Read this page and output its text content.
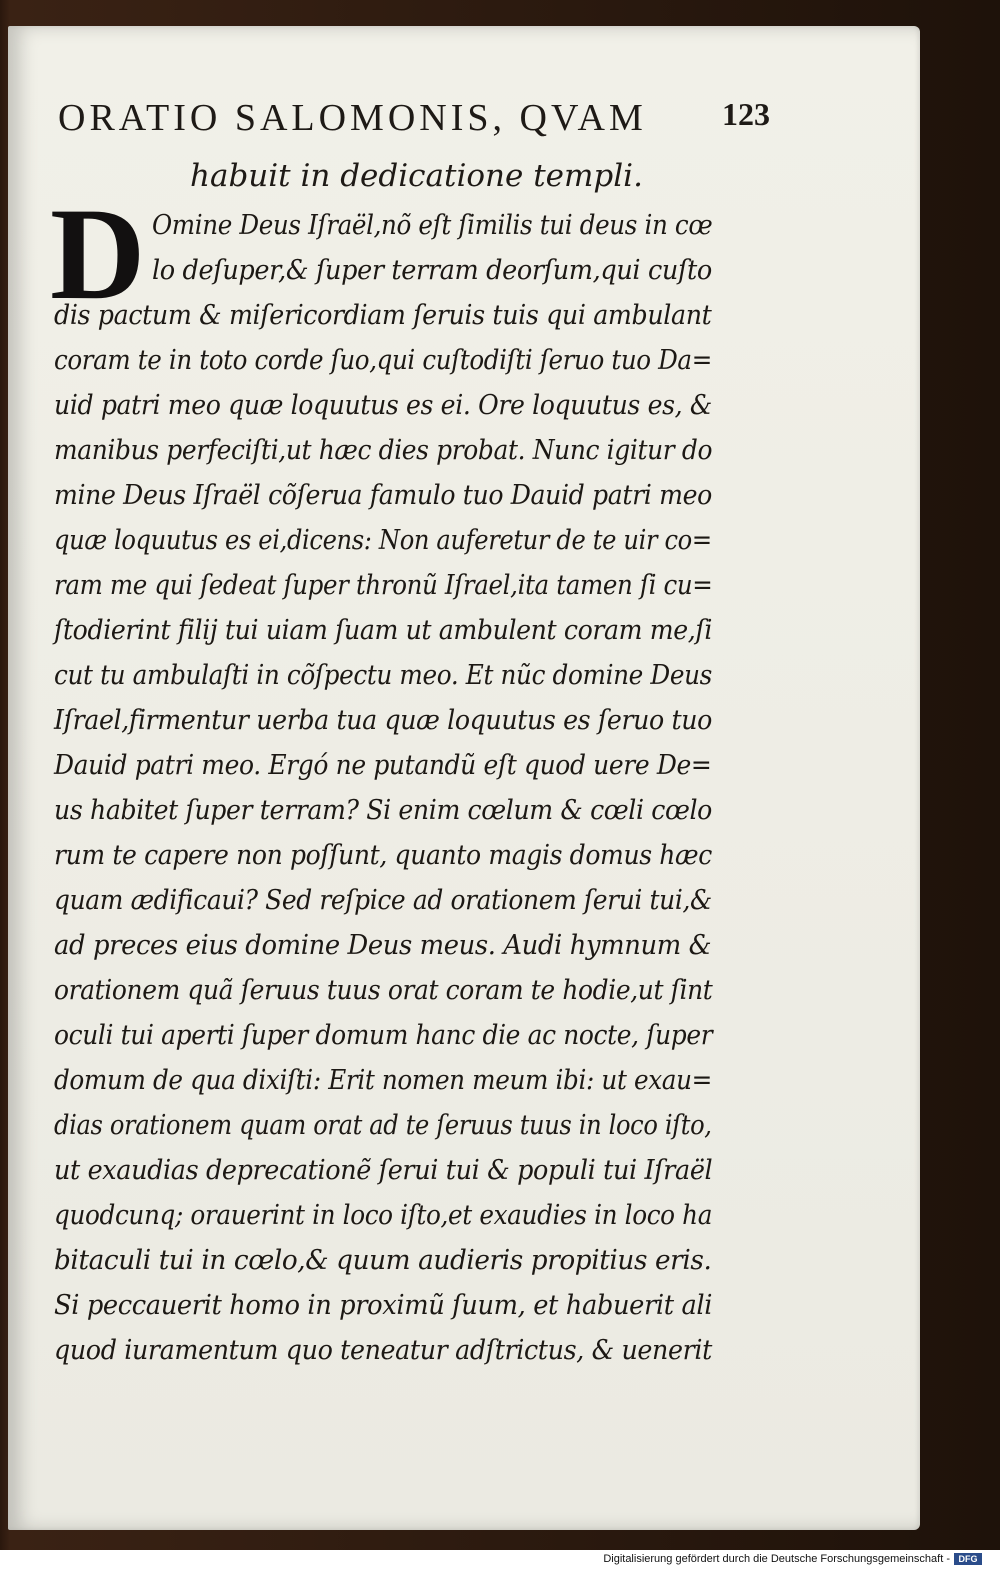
ORATIO SALOMONIS, QVAM	123
habuit in dedicatione templi.
D Omine Deus Iſraël,nõ eſt ſimilis tui deus in cœ
lo deſuper,& ſuper terram deorſum,qui cuſto
dis pactum & miſericordiam ſeruis tuis qui ambulant
coram te in toto corde ſuo,qui cuſtodiſti ſeruo tuo Da=
uid patri meo quæ loquutus es ei. Ore loquutus es, &
manibus perfeciſti,ut hæc dies probat. Nunc igitur do
mine Deus Iſraël cõſerua famulo tuo Dauid patri meo
quæ loquutus es ei,dicens: Non auferetur de te uir co=
ram me qui ſedeat ſuper thronũ Iſrael,ita tamen ſi cu=
ſtodierint filij tui uiam ſuam ut ambulent coram me,ſi
cut tu ambulaſti in cõſpectu meo. Et nũc domine Deus
Iſrael,firmentur uerba tua quæ loquutus es ſeruo tuo
Dauid patri meo. Ergó ne putandũ eſt quod uere De=
us habitet ſuper terram? Si enim cœlum & cœli cœlo
rum te capere non poſſunt, quanto magis domus hæc
quam ædificaui? Sed reſpice ad orationem ſerui tui,&
ad preces eius domine Deus meus. Audi hymnum &
orationem quã ſeruus tuus orat coram te hodie,ut ſint
oculi tui aperti ſuper domum hanc die ac nocte, ſuper
domum de qua dixiſti: Erit nomen meum ibi: ut exau=
dias orationem quam orat ad te ſeruus tuus in loco iſto,
ut exaudias deprecationẽ ſerui tui & populi tui Iſraël
quodcunq; orauerint in loco iſto,et exaudies in loco ha
bitaculi tui in cœlo,& quum audieris propitius eris.
Si peccauerit homo in proximũ ſuum, et habuerit ali
quod iuramentum quo teneatur adſtrictus, & uenerit
Digitalisierung gefördert durch die Deutsche Forschungsgemeinschaft - DFG
